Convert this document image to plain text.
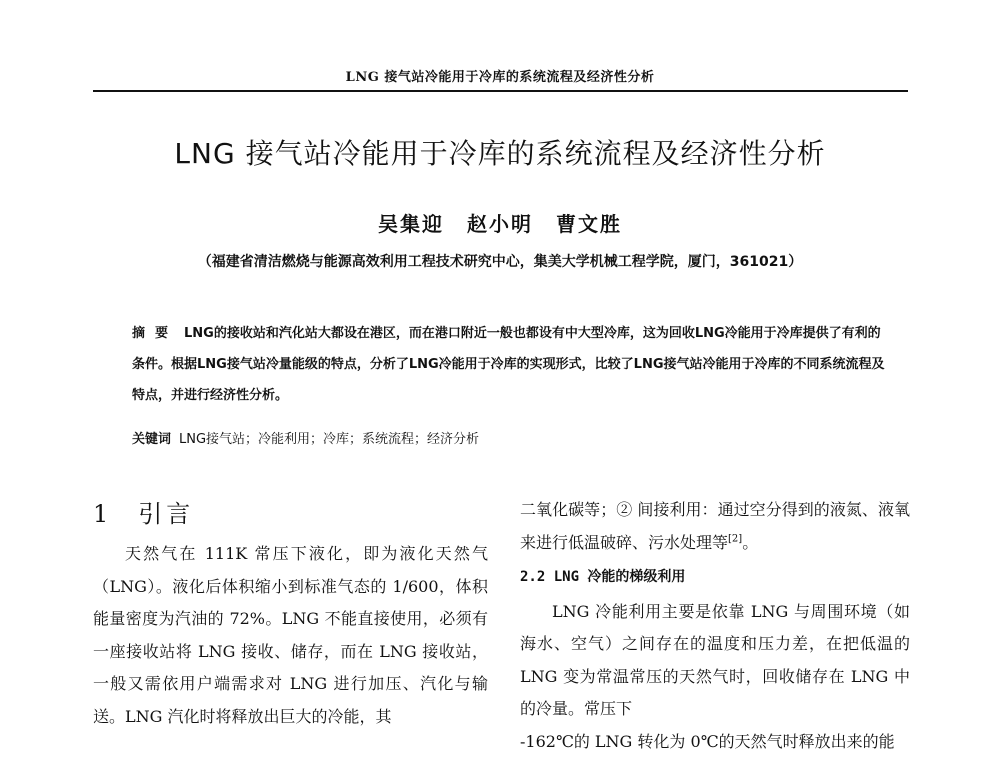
LNG 接气站冷能用于冷库的系统流程及经济性分析
LNG 接气站冷能用于冷库的系统流程及经济性分析
吴集迎 赵小明 曹文胜
（福建省清洁燃烧与能源高效利用工程技术研究中心，集美大学机械工程学院，厦门，361021）
摘要 LNG的接收站和汽化站大都设在港区，而在港口附近一般也都设有中大型冷库，这为回收LNG冷能用于冷库提供了有利的条件。根据LNG接气站冷量能级的特点，分析了LNG冷能用于冷库的实现形式，比较了LNG接气站冷能用于冷库的不同系统流程及特点，并进行经济性分析。
关键词 LNG接气站；冷能利用；冷库；系统流程；经济分析
1 引言

天然气在 111K 常压下液化，即为液化天然气（LNG）。液化后体积缩小到标准气态的 1/600，体积能量密度为汽油的 72%。LNG 不能直接使用，必须有一座接收站将 LNG 接收、储存，而在 LNG 接收站，一般又需依用户端需求对 LNG 进行加压、汽化与输送。LNG 汽化时将释放出巨大的冷能，其

二氧化碳等；② 间接利用：通过空分得到的液氮、液氧来进行低温破碎、污水处理等[2]。

2.2 LNG 冷能的梯级利用

LNG 冷能利用主要是依靠 LNG 与周围环境（如海水、空气）之间存在的温度和压力差，在把低温的 LNG 变为常温常压的天然气时，回收储存在 LNG 中的冷量。常压下

-162℃的 LNG 转化为 0℃的天然气时释放出来的能
